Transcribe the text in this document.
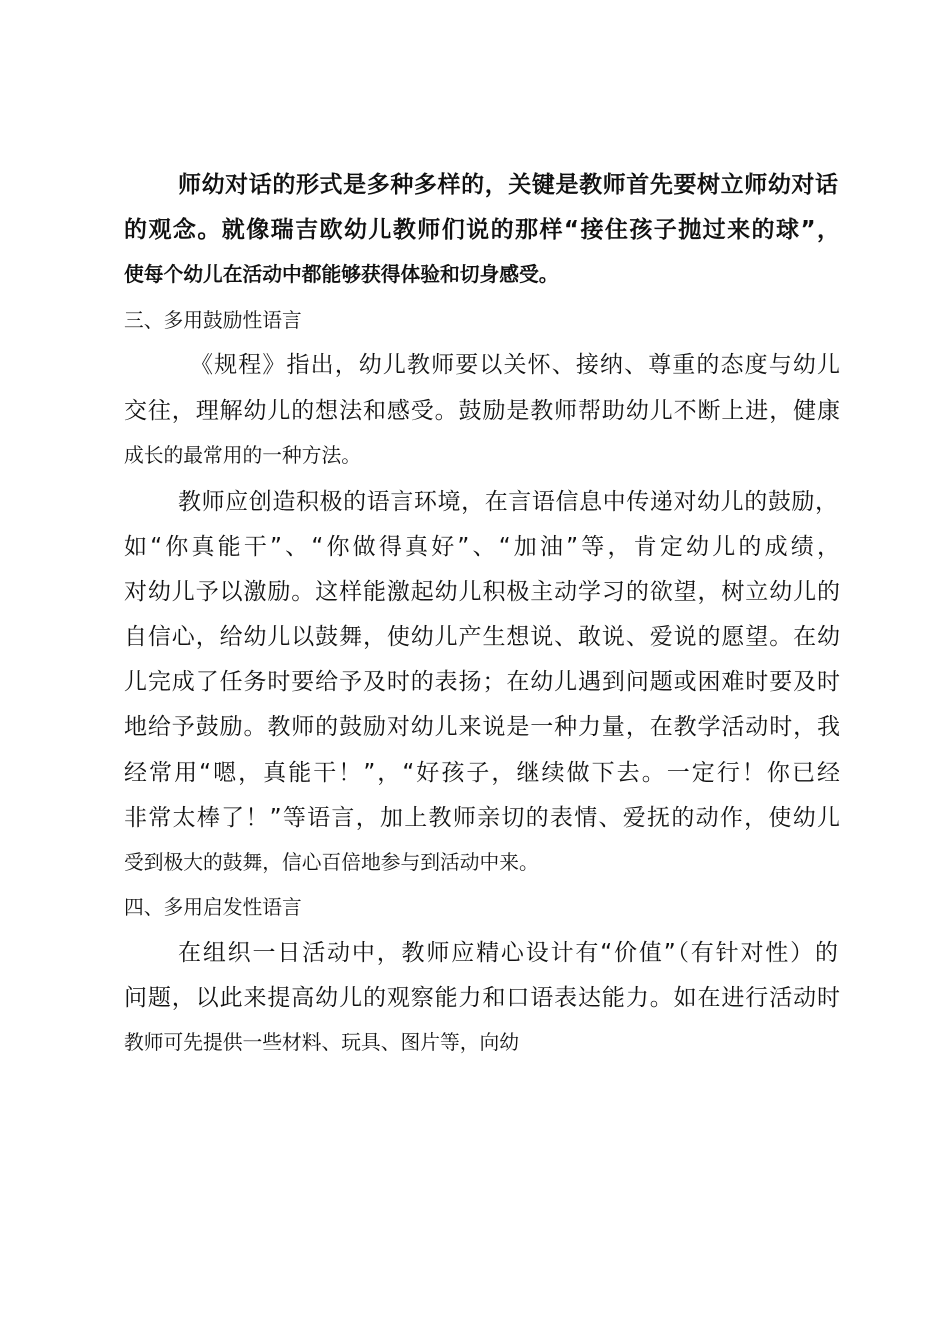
师幼对话的形式是多种多样的，关键是教师首先要树立师幼对话
的观念。就像瑞吉欧幼儿教师们说的那样“接住孩子抛过来的球”，
使每个幼儿在活动中都能够获得体验和切身感受。
三、多用鼓励性语言
《规程》指出，幼儿教师要以关怀、接纳、尊重的态度与幼儿
交往，理解幼儿的想法和感受。鼓励是教师帮助幼儿不断上进，健康
成长的最常用的一种方法。
教师应创造积极的语言环境，在言语信息中传递对幼儿的鼓励，
如“你真能干”、“你做得真好”、“加油”等，肯定幼儿的成绩，
对幼儿予以激励。这样能激起幼儿积极主动学习的欲望，树立幼儿的
自信心，给幼儿以鼓舞，使幼儿产生想说、敢说、爱说的愿望。在幼
儿完成了任务时要给予及时的表扬；在幼儿遇到问题或困难时要及时
地给予鼓励。教师的鼓励对幼儿来说是一种力量，在教学活动时，我
经常用“嗯，真能干！”，“好孩子，继续做下去。一定行！你已经
非常太棒了！”等语言，加上教师亲切的表情、爱抚的动作，使幼儿
受到极大的鼓舞，信心百倍地参与到活动中来。
四、多用启发性语言
在组织一日活动中，教师应精心设计有“价值”（有针对性）的
问题，以此来提高幼儿的观察能力和口语表达能力。如在进行活动时
教师可先提供一些材料、玩具、图片等，向幼
